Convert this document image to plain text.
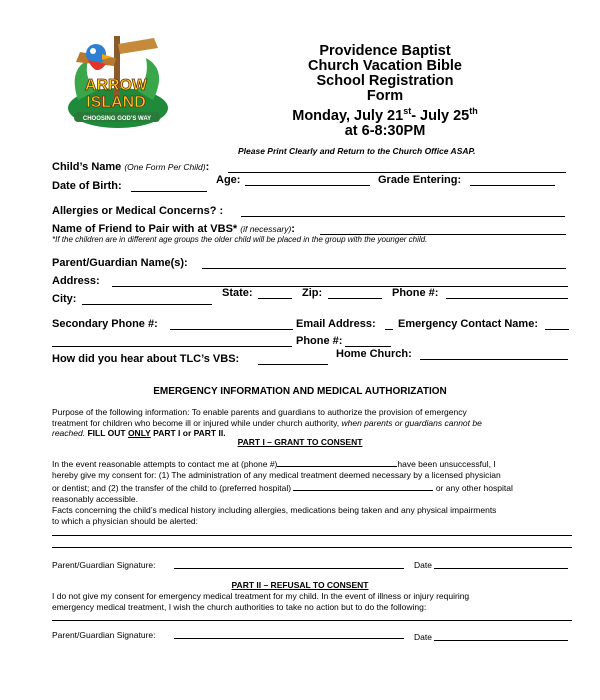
ARROW
ISLAND
CHOOSING GOD'S WAY
Providence Baptist
Church Vacation Bible
School Registration
Form
Monday, July 21st- July 25th
at 6-8:30PM
Please Print Clearly and Return to the Church Office ASAP.
Child’s Name (One Form Per Child):
Age:	Grade Entering:
Date of Birth:
Allergies or Medical Concerns? :
Name of Friend to Pair with at VBS* (if necessary):
*If the children are in different age groups the older child will be placed in the group with the younger child.
Parent/Guardian Name(s):
Address:
State:	Zip:	Phone #:
City:
Secondary Phone #:	Email Address: Emergency Contact Name:
Phone #:
Home Church:
How did you hear about TLC’s VBS:
EMERGENCY INFORMATION AND MEDICAL AUTHORIZATION
Purpose of the following information: To enable parents and guardians to authorize the provision of emergency
treatment for children who become ill or injured while under church authority, when parents or guardians cannot be
reached. FILL OUT ONLY PART I or PART II.
PART I – GRANT TO CONSENT
In the event reasonable attempts to contact me at (phone #)	have been unsuccessful, I
hereby give my consent for: (1) The administration of any medical treatment deemed necessary by a licensed physician
or dentist; and (2) the transfer of the child to (preferred hospital)	or any other hospital
reasonably accessible.
Facts concerning the child’s medical history including allergies, medications being taken and any physical impairments
to which a physician should be alerted:
Parent/Guardian Signature:	Date
PART II – REFUSAL TO CONSENT
I do not give my consent for emergency medical treatment for my child. In the event of illness or injury requiring
emergency medical treatment, I wish the church authorities to take no action but to do the following:
Parent/Guardian Signature:	Date
